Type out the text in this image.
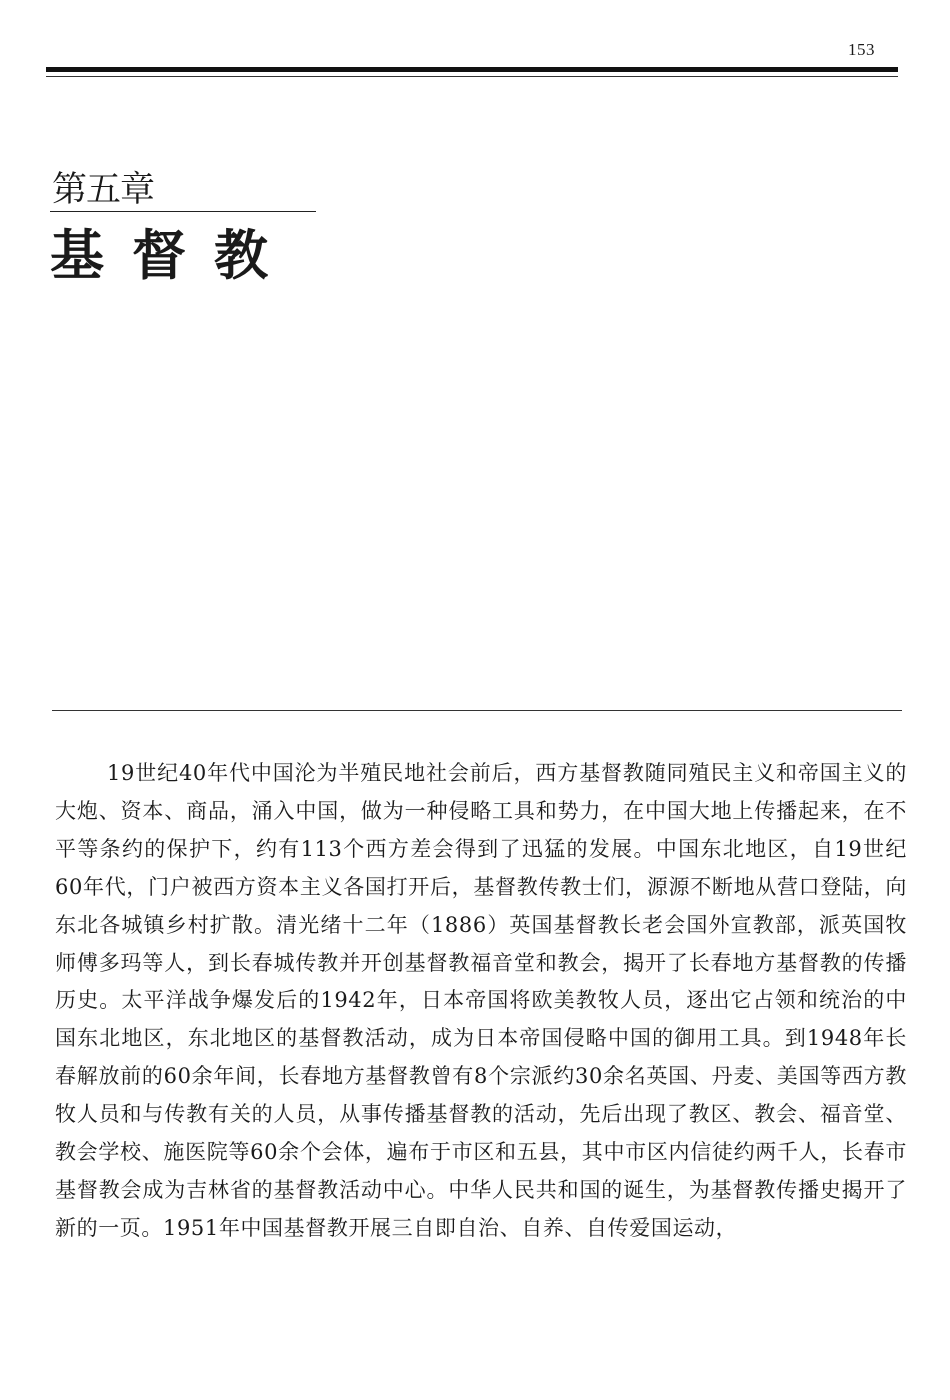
153
第五章
基督教

19世纪40年代中国沦为半殖民地社会前后，西方基督教随同殖民主义和帝国主义的大炮、资本、商品，涌入中国，做为一种侵略工具和势力，在中国大地上传播起来，在不平等条约的保护下，约有113个西方差会得到了迅猛的发展。中国东北地区，自19世纪60年代，门户被西方资本主义各国打开后，基督教传教士们，源源不断地从营口登陆，向东北各城镇乡村扩散。清光绪十二年（1886）英国基督教长老会国外宣教部，派英国牧师傅多玛等人，到长春城传教并开创基督教福音堂和教会，揭开了长春地方基督教的传播历史。太平洋战争爆发后的1942年，日本帝国将欧美教牧人员，逐出它占领和统治的中国东北地区，东北地区的基督教活动，成为日本帝国侵略中国的御用工具。到1948年长春解放前的60余年间，长春地方基督教曾有8个宗派约30余名英国、丹麦、美国等西方教牧人员和与传教有关的人员，从事传播基督教的活动，先后出现了教区、教会、福音堂、教会学校、施医院等60余个会体，遍布于市区和五县，其中市区内信徒约两千人，长春市基督教会成为吉林省的基督教活动中心。中华人民共和国的诞生，为基督教传播史揭开了新的一页。1951年中国基督教开展三自即自治、自养、自传爱国运动，
